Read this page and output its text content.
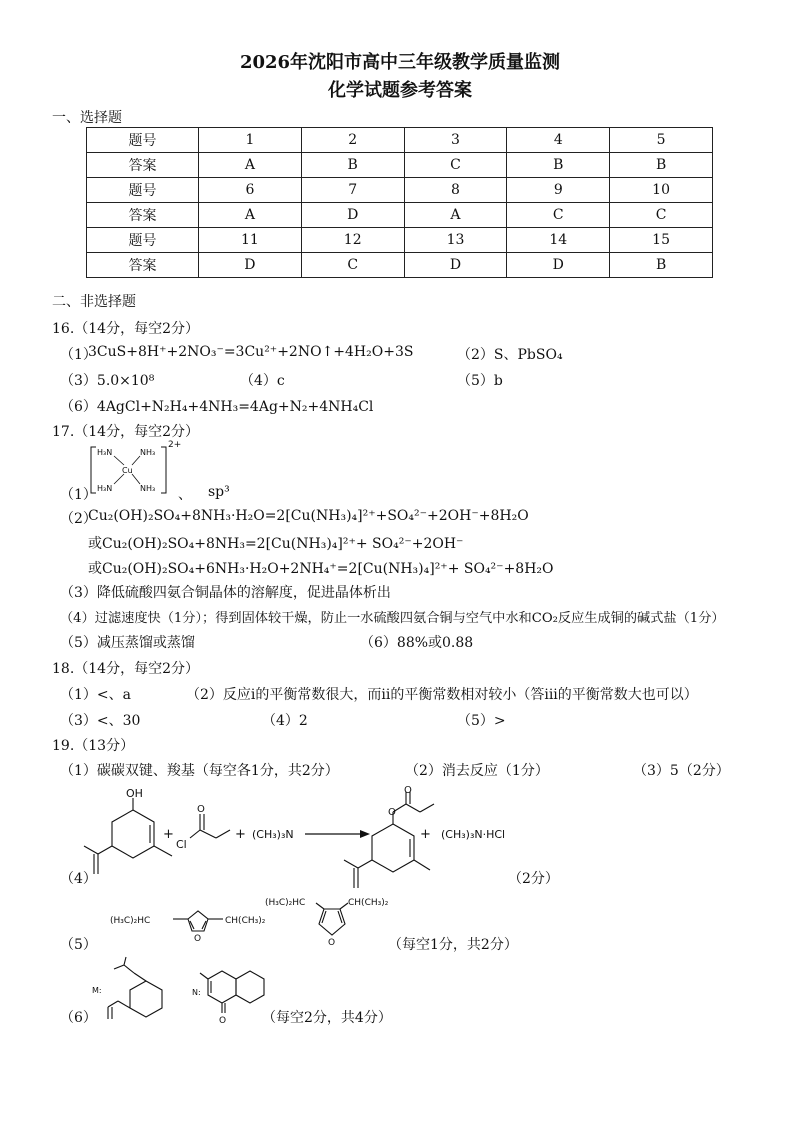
2026年沈阳市高中三年级教学质量监测
化学试题参考答案
一、选择题
题号	1	2	3	4	5
答案	A	B	C	B	B
题号	6	7	8	9	10
答案	A	D	A	C	C
题号	11	12	13	14	15
答案	D	C	D	D	B
二、非选择题
16.（14分，每空2分）
（1）
3CuS+8H⁺+2NO₃⁻=3Cu²⁺+2NO↑+4H₂O+3S	（2）S、PbSO₄
（3）5.0×10⁸	（4）c	（5）b
（6）4AgCl+N₂H₄+4NH₃=4Ag+N₂+4NH₄Cl
17.（14分，每空2分）
（1）
H₃N	NH₃
Cu
H₃N	NH₃
2+
、 sp³
（2）
Cu₂(OH)₂SO₄+8NH₃·H₂O=2[Cu(NH₃)₄]²⁺+SO₄²⁻+2OH⁻+8H₂O
或Cu₂(OH)₂SO₄+8NH₃=2[Cu(NH₃)₄]²⁺+ SO₄²⁻+2OH⁻
或Cu₂(OH)₂SO₄+6NH₃·H₂O+2NH₄⁺=2[Cu(NH₃)₄]²⁺+ SO₄²⁻+8H₂O
（3）降低硫酸四氨合铜晶体的溶解度，促进晶体析出
（4）过滤速度快（1分）；得到固体较干燥，防止一水硫酸四氨合铜与空气中水和CO₂反应生成铜的碱式盐（1分）
（5）减压蒸馏或蒸馏	（6）88%或0.88
18.（14分，每空2分）
（1）<、a	（2）反应i的平衡常数很大，而ii的平衡常数相对较小（答iii的平衡常数大也可以）
（3）<、30	（4）2	（5）>
19.（13分）
（1）碳碳双键、羧基（每空各1分，共2分）	（2）消去反应（1分）	（3）5（2分）
OH
+
O
Cl
+ (CH₃)₃N
O
O
+ (CH₃)₃N·HCl
（4）	（2分）
O
(H₃C)₂HC	CH(CH₃)₂
O
(H₃C)₂HC	CH(CH₃)₂
（5）	（每空1分，共2分）
M:	N:
O
（6）	（每空2分，共4分）
